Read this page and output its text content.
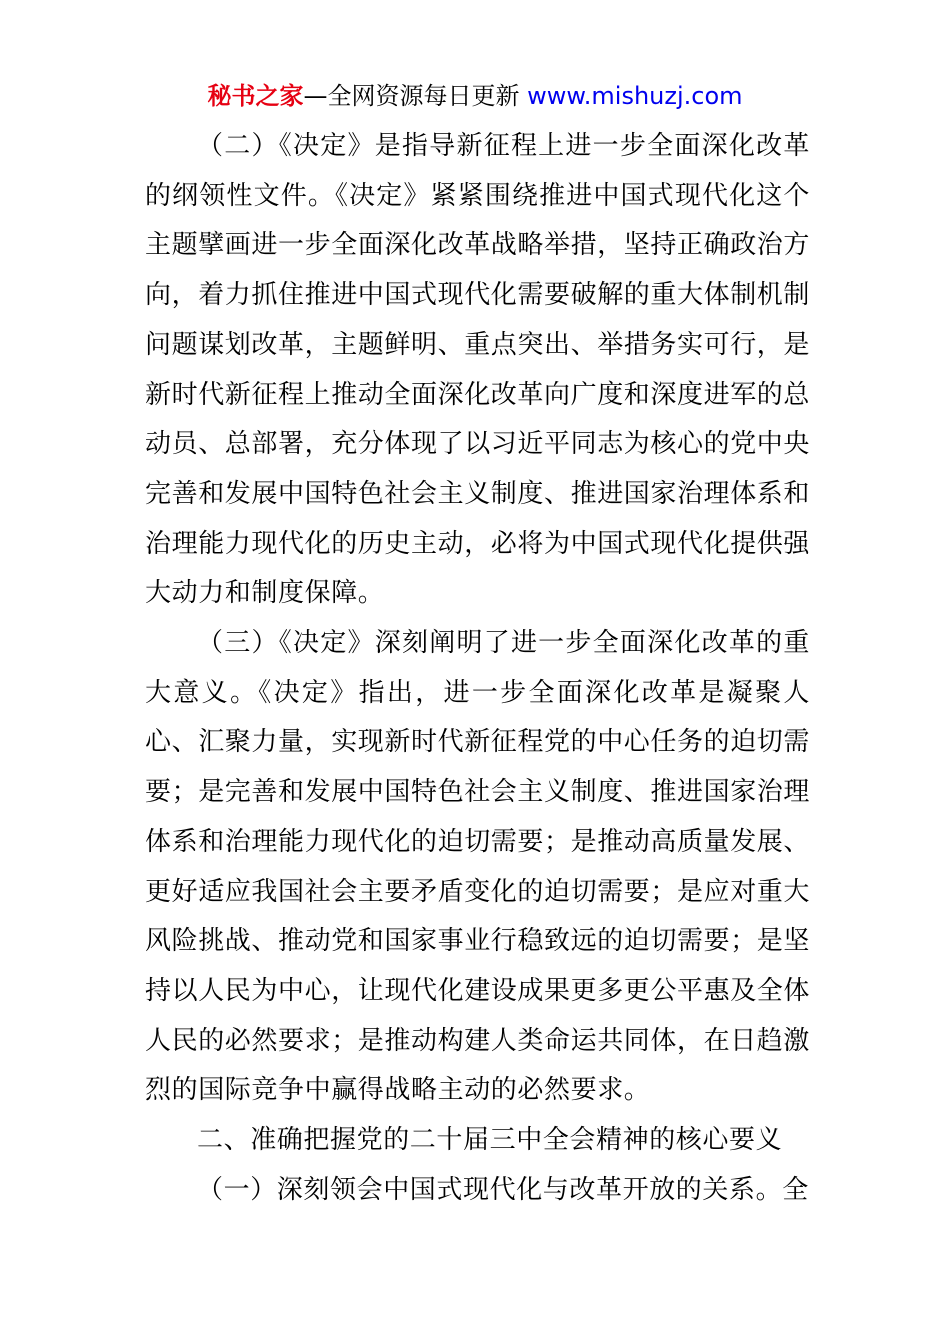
秘书之家—全网资源每日更新 www.mishuzj.com

（二）《决定》是指导新征程上进一步全面深化改革的纲领性文件。《决定》紧紧围绕推进中国式现代化这个主题擘画进一步全面深化改革战略举措，坚持正确政治方向，着力抓住推进中国式现代化需要破解的重大体制机制问题谋划改革，主题鲜明、重点突出、举措务实可行，是新时代新征程上推动全面深化改革向广度和深度进军的总动员、总部署，充分体现了以习近平同志为核心的党中央完善和发展中国特色社会主义制度、推进国家治理体系和治理能力现代化的历史主动，必将为中国式现代化提供强大动力和制度保障。

（三）《决定》深刻阐明了进一步全面深化改革的重大意义。《决定》指出，进一步全面深化改革是凝聚人心、汇聚力量，实现新时代新征程党的中心任务的迫切需要；是完善和发展中国特色社会主义制度、推进国家治理体系和治理能力现代化的迫切需要；是推动高质量发展、更好适应我国社会主要矛盾变化的迫切需要；是应对重大风险挑战、推动党和国家事业行稳致远的迫切需要；是坚持以人民为中心，让现代化建设成果更多更公平惠及全体人民的必然要求；是推动构建人类命运共同体，在日趋激烈的国际竞争中赢得战略主动的必然要求。

二、准确把握党的二十届三中全会精神的核心要义

（一）深刻领会中国式现代化与改革开放的关系。全
